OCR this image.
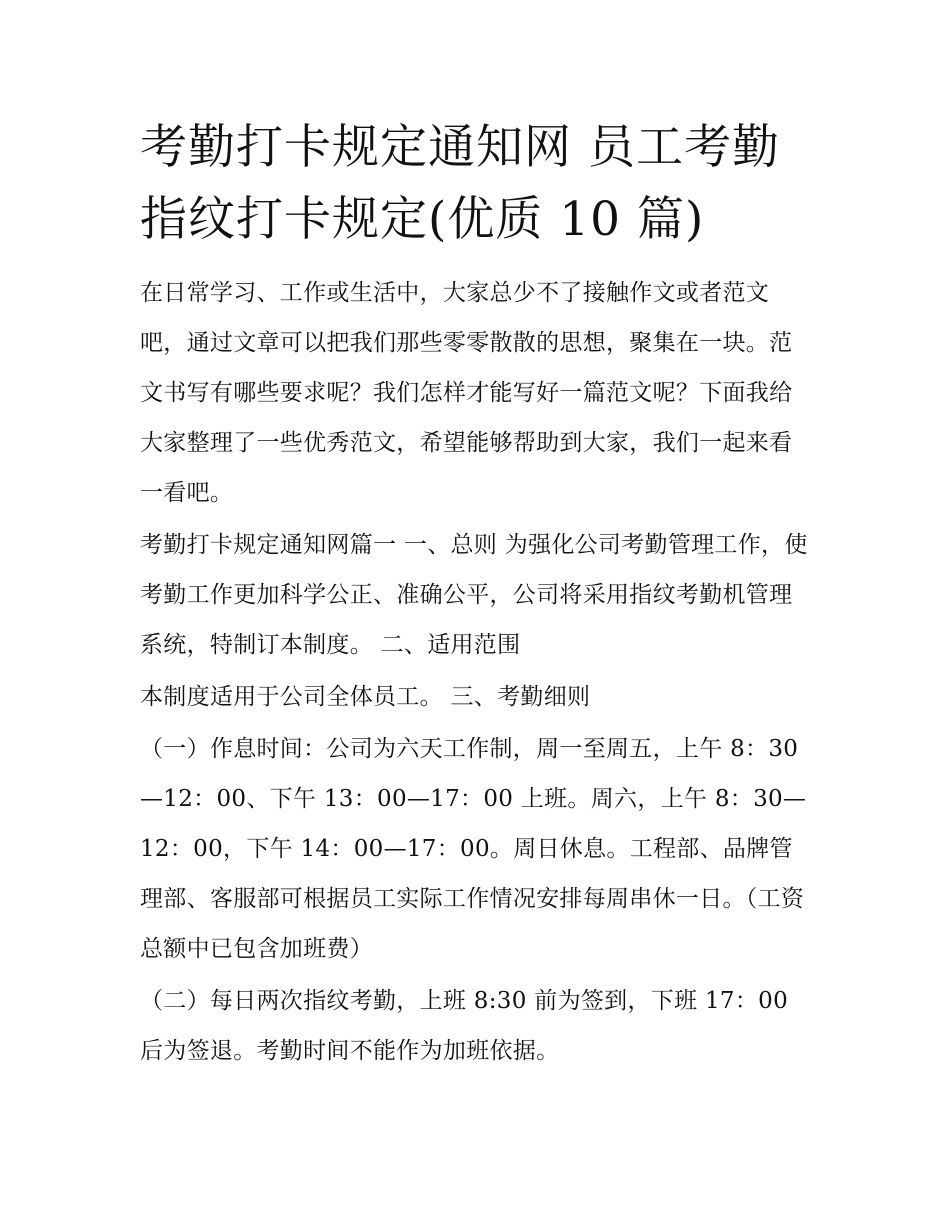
考勤打卡规定通知网 员工考勤指纹打卡规定(优质 10 篇)

在日常学习、工作或生活中，大家总少不了接触作文或者范文吧，通过文章可以把我们那些零零散散的思想，聚集在一块。范文书写有哪些要求呢？我们怎样才能写好一篇范文呢？下面我给大家整理了一些优秀范文，希望能够帮助到大家，我们一起来看一看吧。

考勤打卡规定通知网篇一 一、总则 为强化公司考勤管理工作，使考勤工作更加科学公正、准确公平，公司将采用指纹考勤机管理系统，特制订本制度。 二、适用范围

本制度适用于公司全体员工。 三、考勤细则

（一）作息时间：公司为六天工作制，周一至周五，上午 8：30—12：00、下午 13：00—17：00 上班。周六，上午 8：30—12：00，下午 14：00—17：00。周日休息。工程部、品牌管理部、客服部可根据员工实际工作情况安排每周串休一日。（工资总额中已包含加班费）

（二）每日两次指纹考勤，上班 8:30 前为签到，下班 17：00 后为签退。考勤时间不能作为加班依据。
